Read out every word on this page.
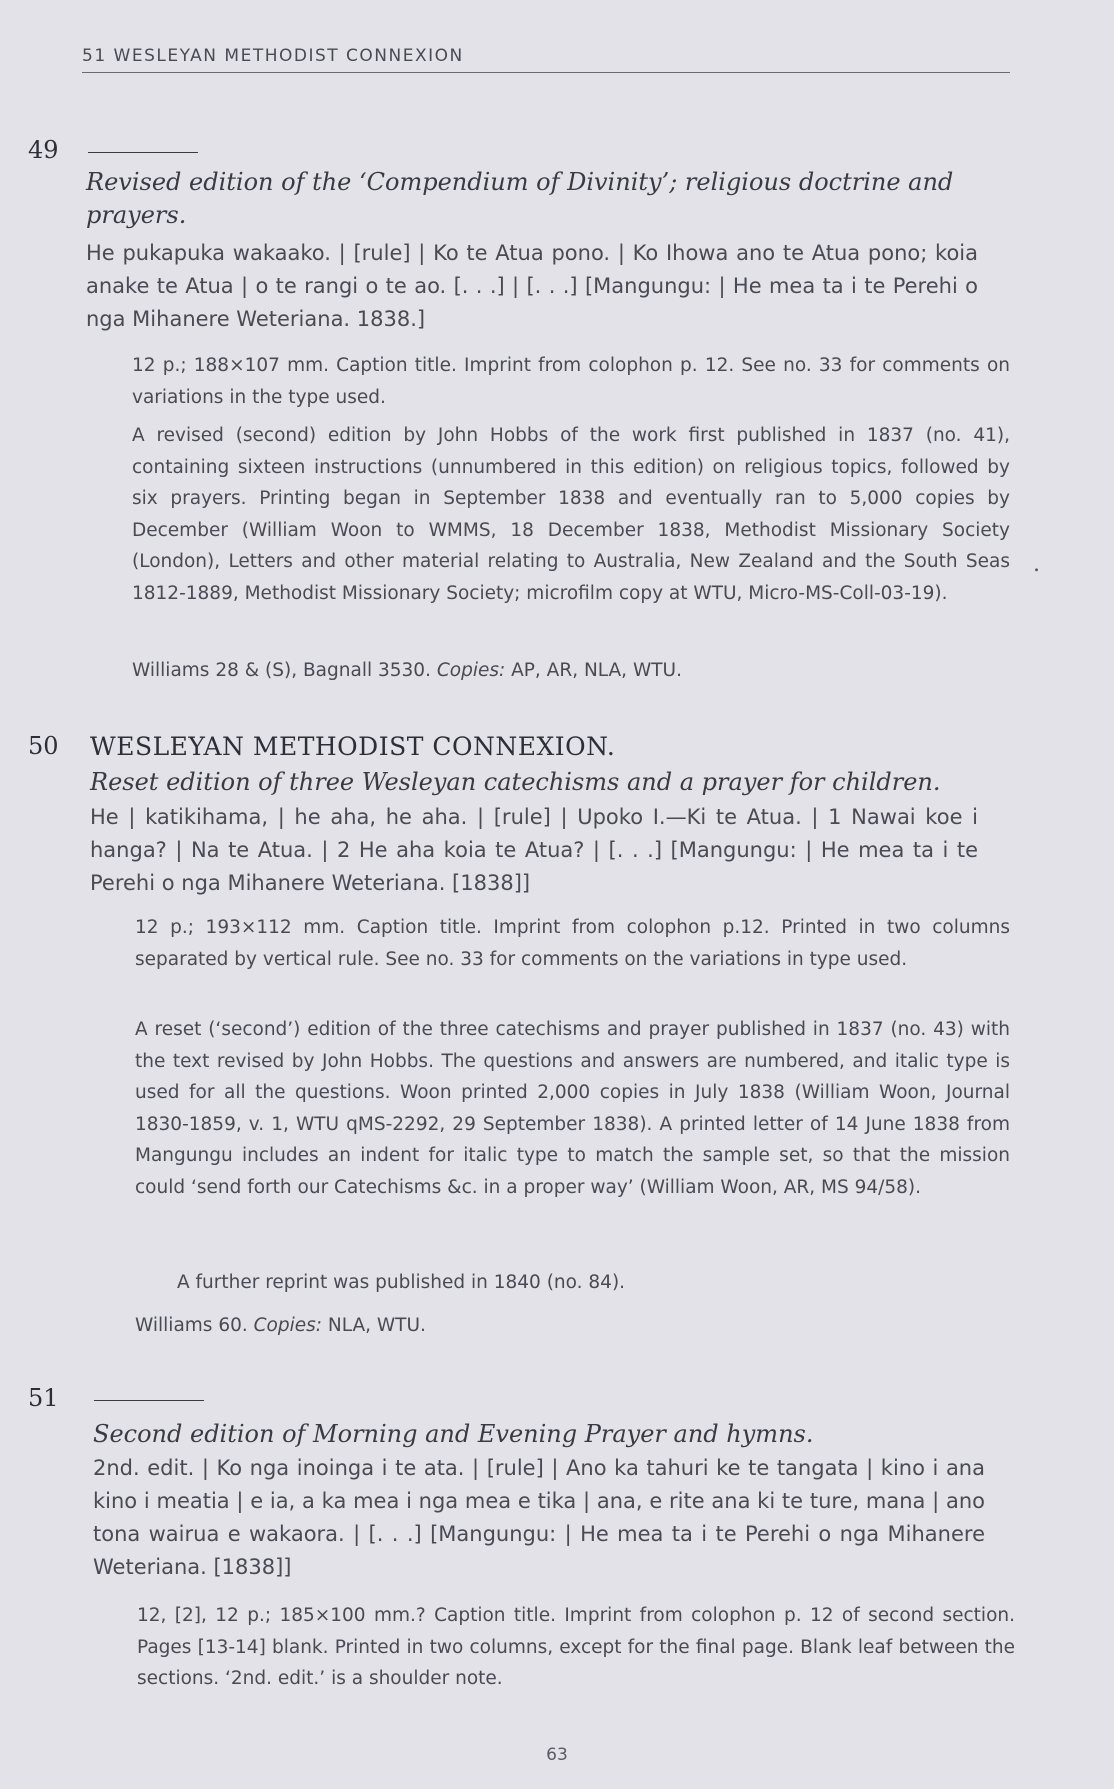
51 WESLEYAN METHODIST CONNEXION
49
Revised edition of the ‘Compendium of Divinity’; religious doctrine and prayers.
He pukapuka wakaako. | [rule] | Ko te Atua pono. | Ko Ihowa ano te Atua pono; koia anake te Atua | o te rangi o te ao. [. . .] | [. . .] [Mangungu: | He mea ta i te Perehi o nga Mihanere Weteriana. 1838.]
12 p.; 188×107 mm. Caption title. Imprint from colophon p. 12. See no. 33 for comments on variations in the type used.
A revised (second) edition by John Hobbs of the work first published in 1837 (no. 41), containing sixteen instructions (unnumbered in this edition) on religious topics, followed by six prayers. Printing began in September 1838 and eventually ran to 5,000 copies by December (William Woon to WMMS, 18 December 1838, Methodist Missionary Society (London), Letters and other material relating to Australia, New Zealand and the South Seas 1812-1889, Methodist Missionary Society; microfilm copy at WTU, Micro-MS-Coll-03-19).
Williams 28 & (S), Bagnall 3530. Copies: AP, AR, NLA, WTU.
.
50 WESLEYAN METHODIST CONNEXION.
Reset edition of three Wesleyan catechisms and a prayer for children.
He | katikihama, | he aha, he aha. | [rule] | Upoko I.—Ki te Atua. | 1 Nawai koe i hanga? | Na te Atua. | 2 He aha koia te Atua? | [. . .] [Mangungu: | He mea ta i te Perehi o nga Mihanere Weteriana. [1838]]
12 p.; 193×112 mm. Caption title. Imprint from colophon p.12. Printed in two columns separated by vertical rule. See no. 33 for comments on the variations in type used.
A reset (‘second’) edition of the three catechisms and prayer published in 1837 (no. 43) with the text revised by John Hobbs. The questions and answers are numbered, and italic type is used for all the questions. Woon printed 2,000 copies in July 1838 (William Woon, Journal 1830-1859, v. 1, WTU qMS-2292, 29 September 1838). A printed letter of 14 June 1838 from Mangungu includes an indent for italic type to match the sample set, so that the mission could ‘send forth our Catechisms &c. in a proper way’ (William Woon, AR, MS 94/58).
A further reprint was published in 1840 (no. 84).
Williams 60. Copies: NLA, WTU.
51
Second edition of Morning and Evening Prayer and hymns.
2nd. edit. | Ko nga inoinga i te ata. | [rule] | Ano ka tahuri ke te tangata | kino i ana kino i meatia | e ia, a ka mea i nga mea e tika | ana, e rite ana ki te ture, mana | ano tona wairua e wakaora. | [. . .] [Mangungu: | He mea ta i te Perehi o nga Mihanere Weteriana. [1838]]
12, [2], 12 p.; 185×100 mm.? Caption title. Imprint from colophon p. 12 of second section. Pages [13-14] blank. Printed in two columns, except for the final page. Blank leaf between the sections. ‘2nd. edit.’ is a shoulder note.
63
